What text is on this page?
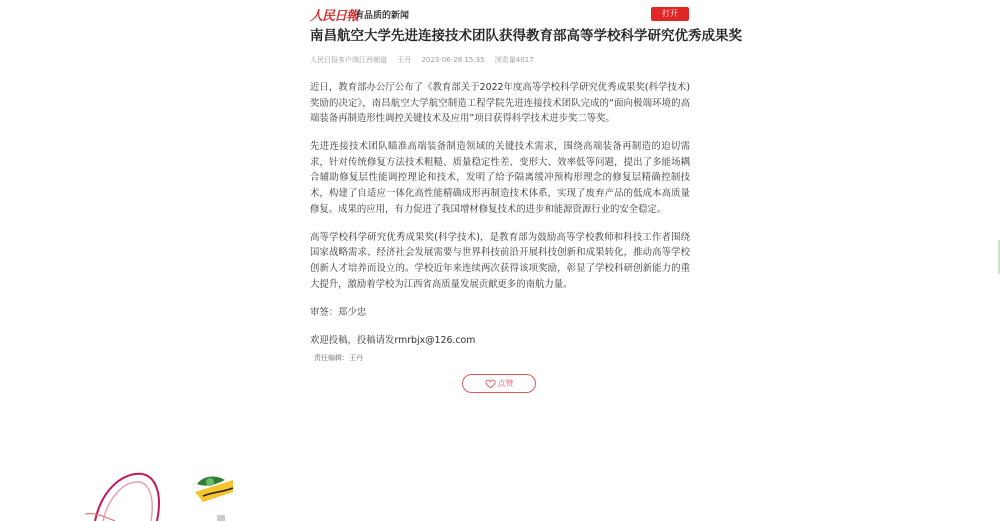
人民日報
有品质的新闻	打开
南昌航空大学先进连接技术团队获得教育部高等学校科学研究优秀成果奖
人民日报客户端江西频道 王丹 2023-06-28 15:35 浏览量4017

近日，教育部办公厅公布了《教育部关于2022年度高等学校科学研究优秀成果奖(科学技术)奖励的决定》，南昌航空大学航空制造工程学院先进连接技术团队完成的“面向极端环境的高端装备再制造形性调控关键技术及应用”项目获得科学技术进步奖二等奖。

先进连接技术团队瞄准高端装备制造领域的关键技术需求，围绕高端装备再制造的迫切需求，针对传统修复方法技术粗糙、质量稳定性差、变形大、效率低等问题，提出了多能场耦合辅助修复层性能调控理论和技术，发明了给予隔离缓冲预构形理念的修复层精确控制技术，构建了自适应一体化高性能精确成形再制造技术体系，实现了废弃产品的低成本高质量修复。成果的应用，有力促进了我国增材修复技术的进步和能源资源行业的安全稳定。

高等学校科学研究优秀成果奖(科学技术)，是教育部为鼓励高等学校教师和科技工作者围绕国家战略需求、经济社会发展需要与世界科技前沿开展科技创新和成果转化，推动高等学校创新人才培养而设立的。学校近年来连续两次获得该项奖励，彰显了学校科研创新能力的重大提升，激励着学校为江西省高质量发展贡献更多的南航力量。

审签：郑少忠

欢迎投稿，投稿请发rmrbjx@126.com

责任编辑：王丹
点赞
